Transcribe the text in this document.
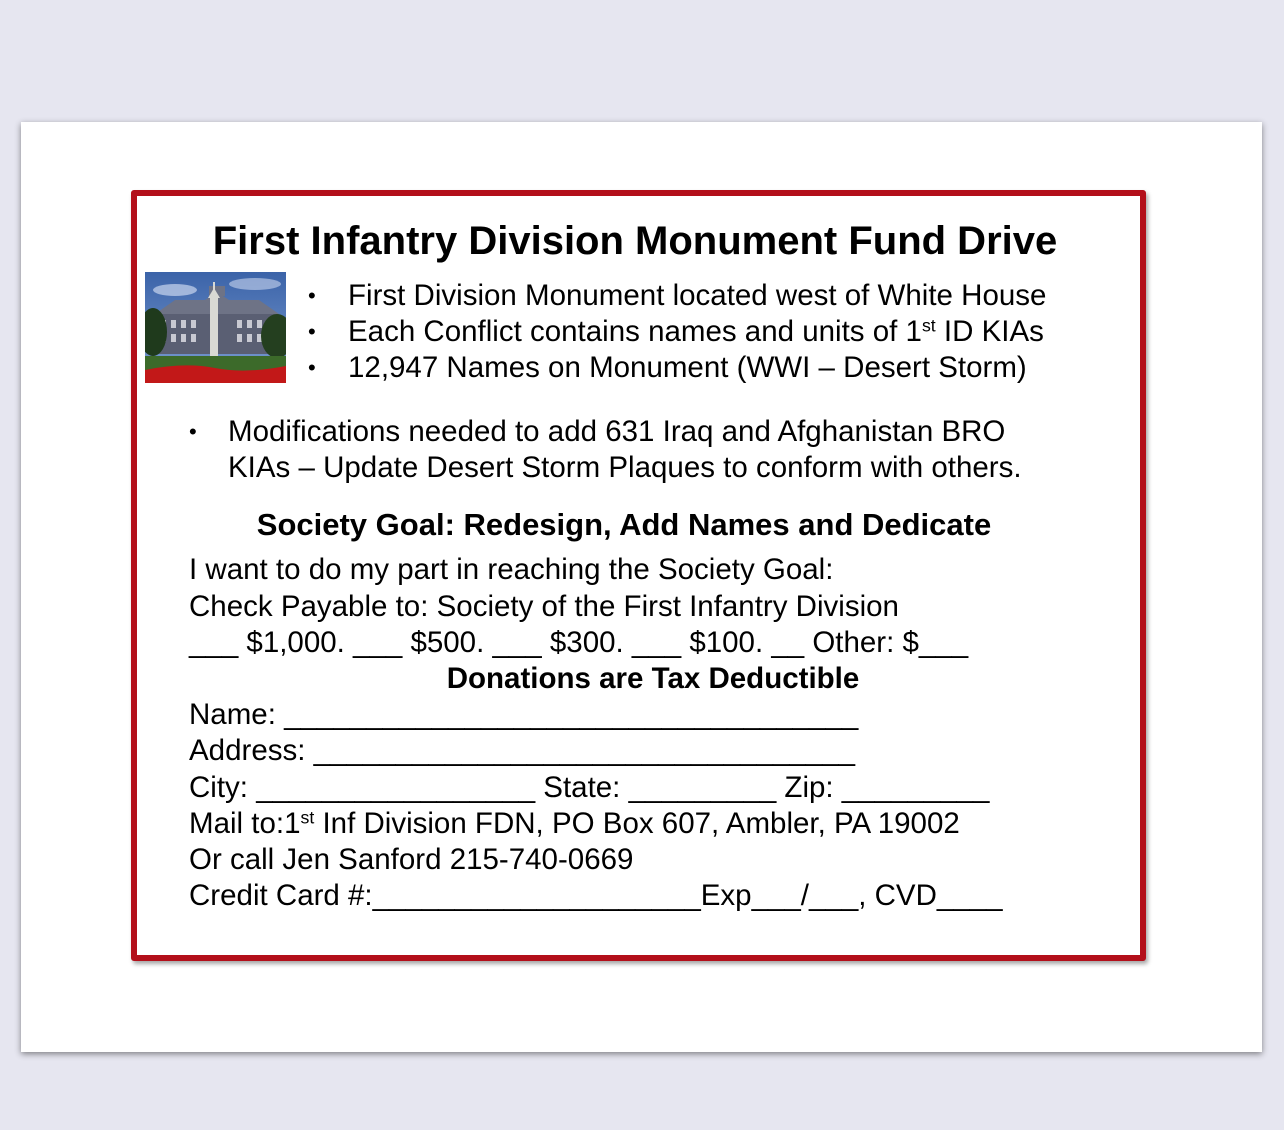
First Infantry Division Monument Fund Drive
• First Division Monument located west of White House
• Each Conflict contains names and units of 1st ID KIAs
• 12,947 Names on Monument (WWI – Desert Storm)
• Modifications needed to add 631 Iraq and Afghanistan BRO
KIAs – Update Desert Storm Plaques to conform with others.
Society Goal: Redesign, Add Names and Dedicate
I want to do my part in reaching the Society Goal:
Check Payable to: Society of the First Infantry Division
___ $1,000. ___ $500. ___ $300. ___ $100. __ Other: $___
Donations are Tax Deductible
Name: ___________________________________
Address: _________________________________
City: _________________ State: _________ Zip: _________
Mail to:1st Inf Division FDN, PO Box 607, Ambler, PA 19002
Or call Jen Sanford 215-740-0669
Credit Card #:____________________Exp___/___, CVD____
